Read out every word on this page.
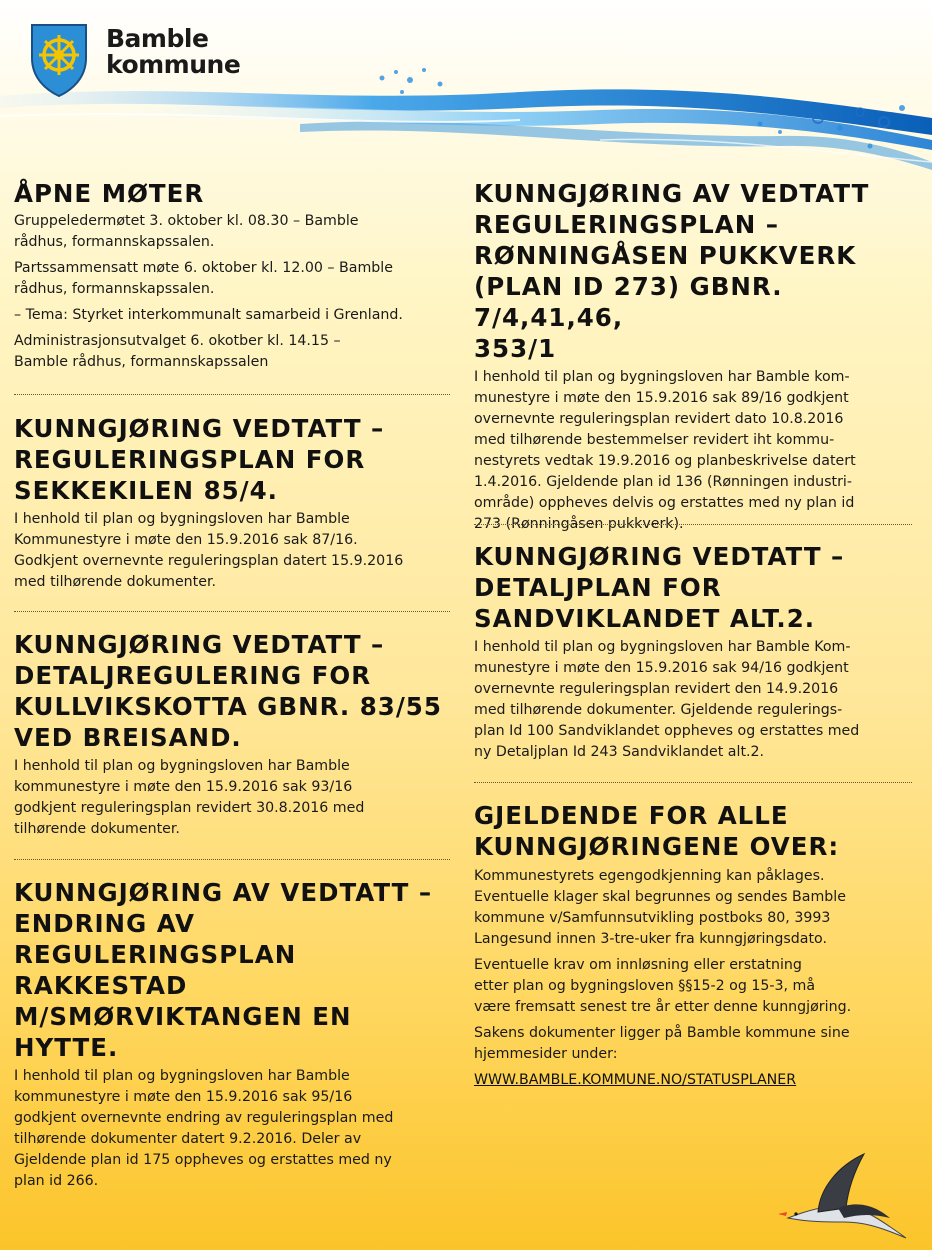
Bamble
kommune
ÅPNE MØTER
Gruppeledermøtet 3. oktober kl. 08.30 – Bamble
rådhus, formannskapssalen.
Partssammensatt møte 6. oktober kl. 12.00 – Bamble
rådhus, formannskapssalen.
– Tema: Styrket interkommunalt samarbeid i Grenland.
Administrasjonsutvalget 6. okotber kl. 14.15 –
Bamble rådhus, formannskapssalen
KUNNGJØRING VEDTATT –
REGULERINGSPLAN FOR
SEKKEKILEN 85/4.
I henhold til plan og bygningsloven har Bamble
Kommunestyre i møte den 15.9.2016 sak 87/16.
Godkjent overnevnte reguleringsplan datert 15.9.2016
med tilhørende dokumenter.
KUNNGJØRING VEDTATT –
DETALJREGULERING FOR
KULLVIKSKOTTA GBNR. 83/55
VED BREISAND.
I henhold til plan og bygningsloven har Bamble
kommunestyre i møte den 15.9.2016 sak 93/16
godkjent reguleringsplan revidert 30.8.2016 med
tilhørende dokumenter.
KUNNGJØRING AV VEDTATT –
ENDRING AV REGULERINGSPLAN
RAKKESTAD
M/SMØRVIKTANGEN EN HYTTE.
I henhold til plan og bygningsloven har Bamble
kommunestyre i møte den 15.9.2016 sak 95/16
godkjent overnevnte endring av reguleringsplan med
tilhørende dokumenter datert 9.2.2016. Deler av
Gjeldende plan id 175 oppheves og erstattes med ny
plan id 266.
KUNNGJØRING AV VEDTATT
REGULERINGSPLAN –
RØNNINGÅSEN PUKKVERK
(PLAN ID 273) GBNR. 7/4,41,46,
353/1
I henhold til plan og bygningsloven har Bamble kom-
munestyre i møte den 15.9.2016 sak 89/16 godkjent
overnevnte reguleringsplan revidert dato 10.8.2016
med tilhørende bestemmelser revidert iht kommu-
nestyrets vedtak 19.9.2016 og planbeskrivelse datert
1.4.2016. Gjeldende plan id 136 (Rønningen industri-
område) oppheves delvis og erstattes med ny plan id
273 (Rønningåsen pukkverk).
KUNNGJØRING VEDTATT –
DETALJPLAN FOR
SANDVIKLANDET ALT.2.
I henhold til plan og bygningsloven har Bamble Kom-
munestyre i møte den 15.9.2016 sak 94/16 godkjent
overnevnte reguleringsplan revidert den 14.9.2016
med tilhørende dokumenter. Gjeldende regulerings-
plan Id 100 Sandviklandet oppheves og erstattes med
ny Detaljplan Id 243 Sandviklandet alt.2.
GJELDENDE FOR ALLE
KUNNGJØRINGENE OVER:
Kommunestyrets egengodkjenning kan påklages.
Eventuelle klager skal begrunnes og sendes Bamble
kommune v/Samfunnsutvikling postboks 80, 3993
Langesund innen 3-tre-uker fra kunngjøringsdato.
Eventuelle krav om innløsning eller erstatning
etter plan og bygningsloven §§15-2 og 15-3, må
være fremsatt senest tre år etter denne kunngjøring.
Sakens dokumenter ligger på Bamble kommune sine
hjemmesider under:
WWW.BAMBLE.KOMMUNE.NO/STATUSPLANER
